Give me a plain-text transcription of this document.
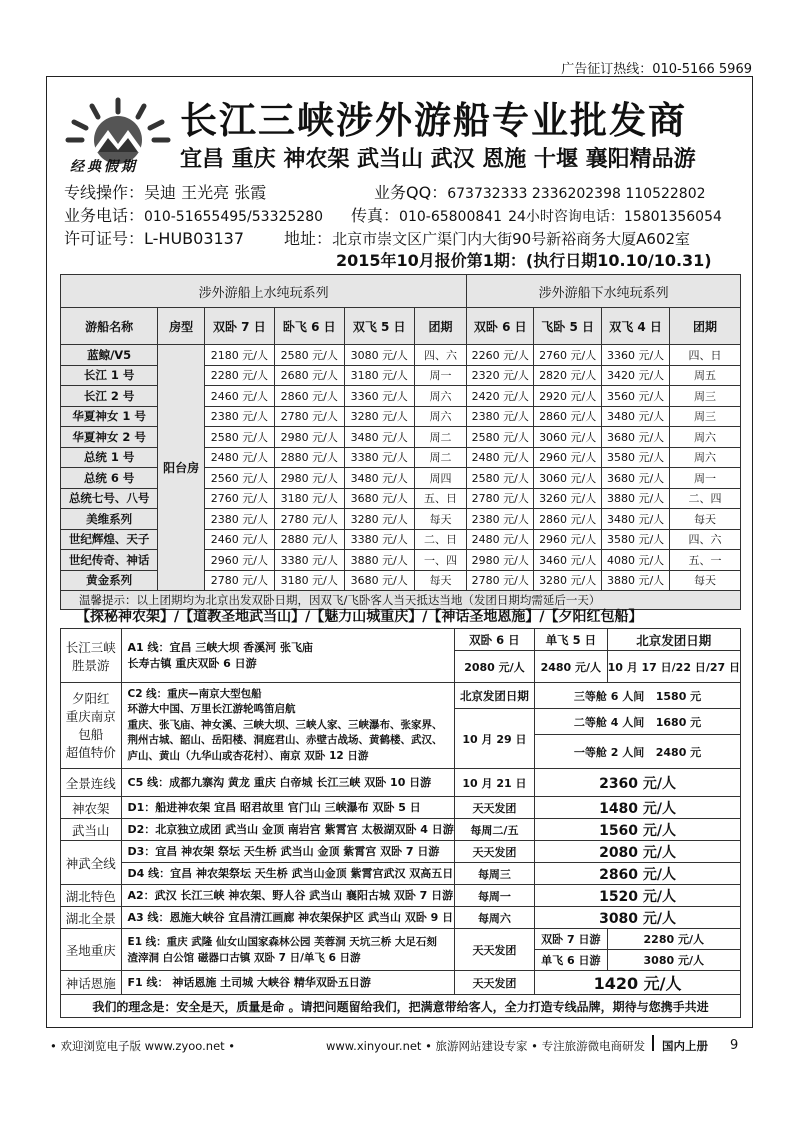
广告征订热线：010-5166 5969
经典假期
长江三峡涉外游船专业批发商
宜昌 重庆 神农架 武当山 武汉 恩施 十堰 襄阳精品游
专线操作：吴迪 王光亮 张霞	业务QQ：673732333 2336202398 110522802
业务电话：010-51655495/53325280 传真：010-65800841 24小时咨询电话：15801356054
许可证号：L-HUB03137	地址：北京市崇文区广渠门内大街90号新裕商务大厦A602室
2015年10月报价第1期：(执行日期10.10/10.31)
涉外游船上水纯玩系列						涉外游船下水纯玩系列			
游船名称	房型	双卧 7 日	卧飞 6 日	双飞 5 日	团期	双卧 6 日	飞卧 5 日	双飞 4 日	团期
蓝鲸/V5	阳台房	2180 元/人	2580 元/人	3080 元/人	四、六	2260 元/人	2760 元/人	3360 元/人	四、日
长江 1 号		2280 元/人	2680 元/人	3180 元/人	周一	2320 元/人	2820 元/人	3420 元/人	周五
长江 2 号		2460 元/人	2860 元/人	3360 元/人	周六	2420 元/人	2920 元/人	3560 元/人	周三
华夏神女 1 号		2380 元/人	2780 元/人	3280 元/人	周六	2380 元/人	2860 元/人	3480 元/人	周三
华夏神女 2 号		2580 元/人	2980 元/人	3480 元/人	周二	2580 元/人	3060 元/人	3680 元/人	周六
总统 1 号		2480 元/人	2880 元/人	3380 元/人	周二	2480 元/人	2960 元/人	3580 元/人	周六
总统 6 号		2560 元/人	2980 元/人	3480 元/人	周四	2580 元/人	3060 元/人	3680 元/人	周一
总统七号、八号		2760 元/人	3180 元/人	3680 元/人	五、日	2780 元/人	3260 元/人	3880 元/人	二、四
美维系列		2380 元/人	2780 元/人	3280 元/人	每天	2380 元/人	2860 元/人	3480 元/人	每天
世纪辉煌、天子		2460 元/人	2880 元/人	3380 元/人	二、日	2480 元/人	2960 元/人	3580 元/人	四、六
世纪传奇、神话		2960 元/人	3380 元/人	3880 元/人	一、四	2980 元/人	3460 元/人	4080 元/人	五、一
黄金系列		2780 元/人	3180 元/人	3680 元/人	每天	2780 元/人	3280 元/人	3880 元/人	每天
温馨提示：以上团期均为北京出发双卧日期，因双飞/飞卧客人当天抵达当地（发团日期均需延后一天）									
【探秘神农架】/【道教圣地武当山】/【魅力山城重庆】/【神话圣地恩施】/【夕阳红包船】
长江三峡
胜景游	A1 线：宜昌 三峡大坝 香溪河 张飞庙
长寿古镇 重庆双卧 6 日游	双卧 6 日	单飞 5 日	北京发团日期
		2080 元/人	2480 元/人	10 月 17 日/22 日/27 日
夕阳红
重庆南京
包船
超值特价	C2 线：重庆—南京大型包船
环游大中国、万里长江游轮鸣笛启航
重庆、张飞庙、神女溪、三峡大坝、三峡人家、三峡瀑布、张家界、
荆州古城、韶山、岳阳楼、洞庭君山、赤壁古战场、黄鹤楼、武汉、
庐山、黄山（九华山或杏花村）、南京 双卧 12 日游	北京发团日期	三等舱 6 人间 1580 元	
		10 月 29 日	二等舱 4 人间 1680 元	
			一等舱 2 人间 2480 元	
全景连线	C5 线：成都九寨沟 黄龙 重庆 白帝城 长江三峡 双卧 10 日游	10 月 21 日	2360 元/人	
神农架	D1：船进神农架 宜昌 昭君故里 官门山 三峡瀑布 双卧 5 日	天天发团	1480 元/人	
武当山	D2：北京独立成团 武当山 金顶 南岩宫 紫霄宫 太极湖双卧 4 日游	每周二/五	1560 元/人	
神武全线	D3：宜昌 神农架 祭坛 天生桥 武当山 金顶 紫霄宫 双卧 7 日游	天天发团	2080 元/人	
	D4 线：宜昌 神农架祭坛 天生桥 武当山金顶 紫霄宫武汉 双高五日	每周三	2860 元/人	
湖北特色	A2：武汉 长江三峡 神农架、野人谷 武当山 襄阳古城 双卧 7 日游	每周一	1520 元/人	
湖北全景	A3 线：恩施大峡谷 宜昌清江画廊 神农架保护区 武当山 双卧 9 日	每周六	3080 元/人	
圣地重庆	E1 线：重庆 武隆 仙女山国家森林公园 芙蓉洞 天坑三桥 大足石刻
渣滓洞 白公馆 磁器口古镇 双卧 7 日/单飞 6 日游	天天发团	双卧 7 日游	2280 元/人
			单飞 6 日游	3080 元/人
神话恩施	F1 线： 神话恩施 土司城 大峡谷 精华双卧五日游	天天发团	1420 元/人	
我们的理念是：安全是天，质量是命 。请把问题留给我们，把满意带给客人，全力打造专线品牌，期待与您携手共进				
• 欢迎浏览电子版 www.zyoo.net •	www.xinyour.net • 旅游网站建设专家 • 专注旅游微电商研发 国内上册 9
